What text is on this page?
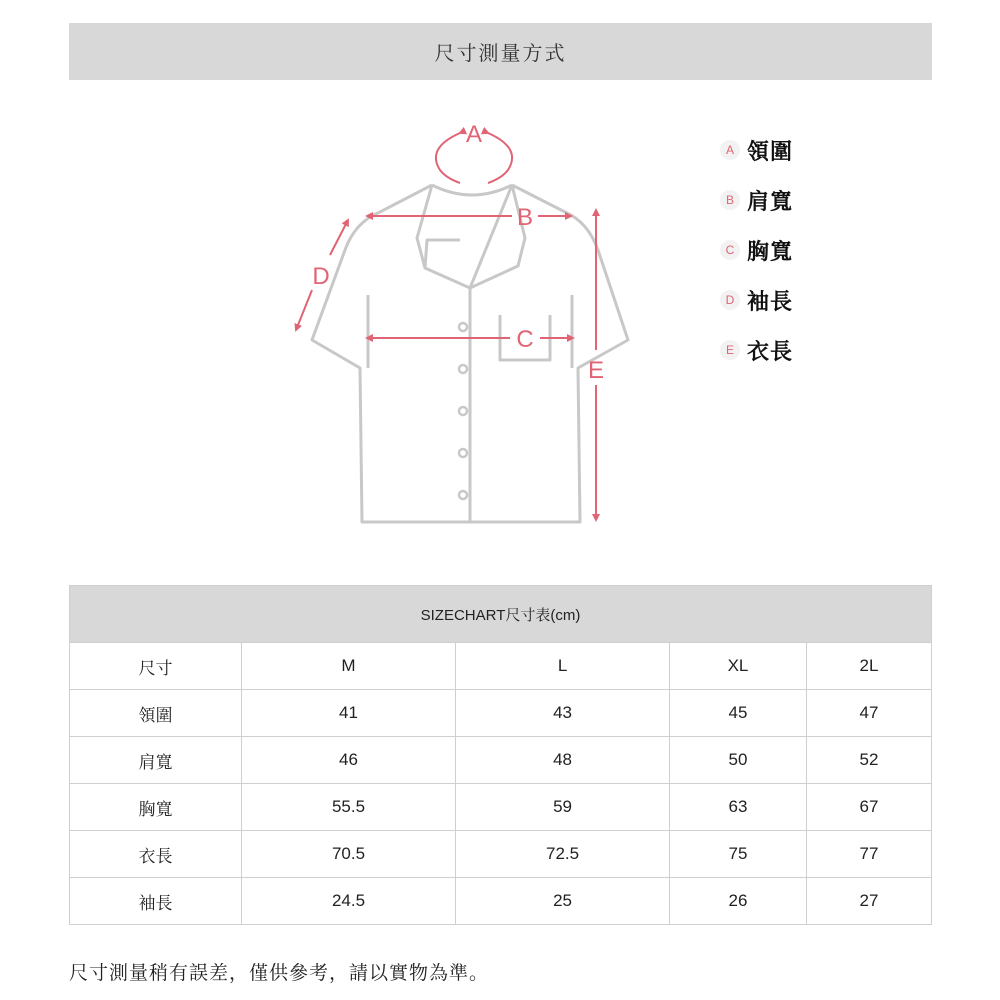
尺寸測量方式
A
B
C
D
E
A 領圍
B 肩寬
C 胸寬
D 袖長
E 衣長
SIZECHART尺寸表(cm)				
尺寸	M	L	XL	2L
領圍	41	43	45	47
肩寬	46	48	50	52
胸寬	55.5	59	63	67
衣長	70.5	72.5	75	77
袖長	24.5	25	26	27
尺寸測量稍有誤差，僅供參考，請以實物為準。
